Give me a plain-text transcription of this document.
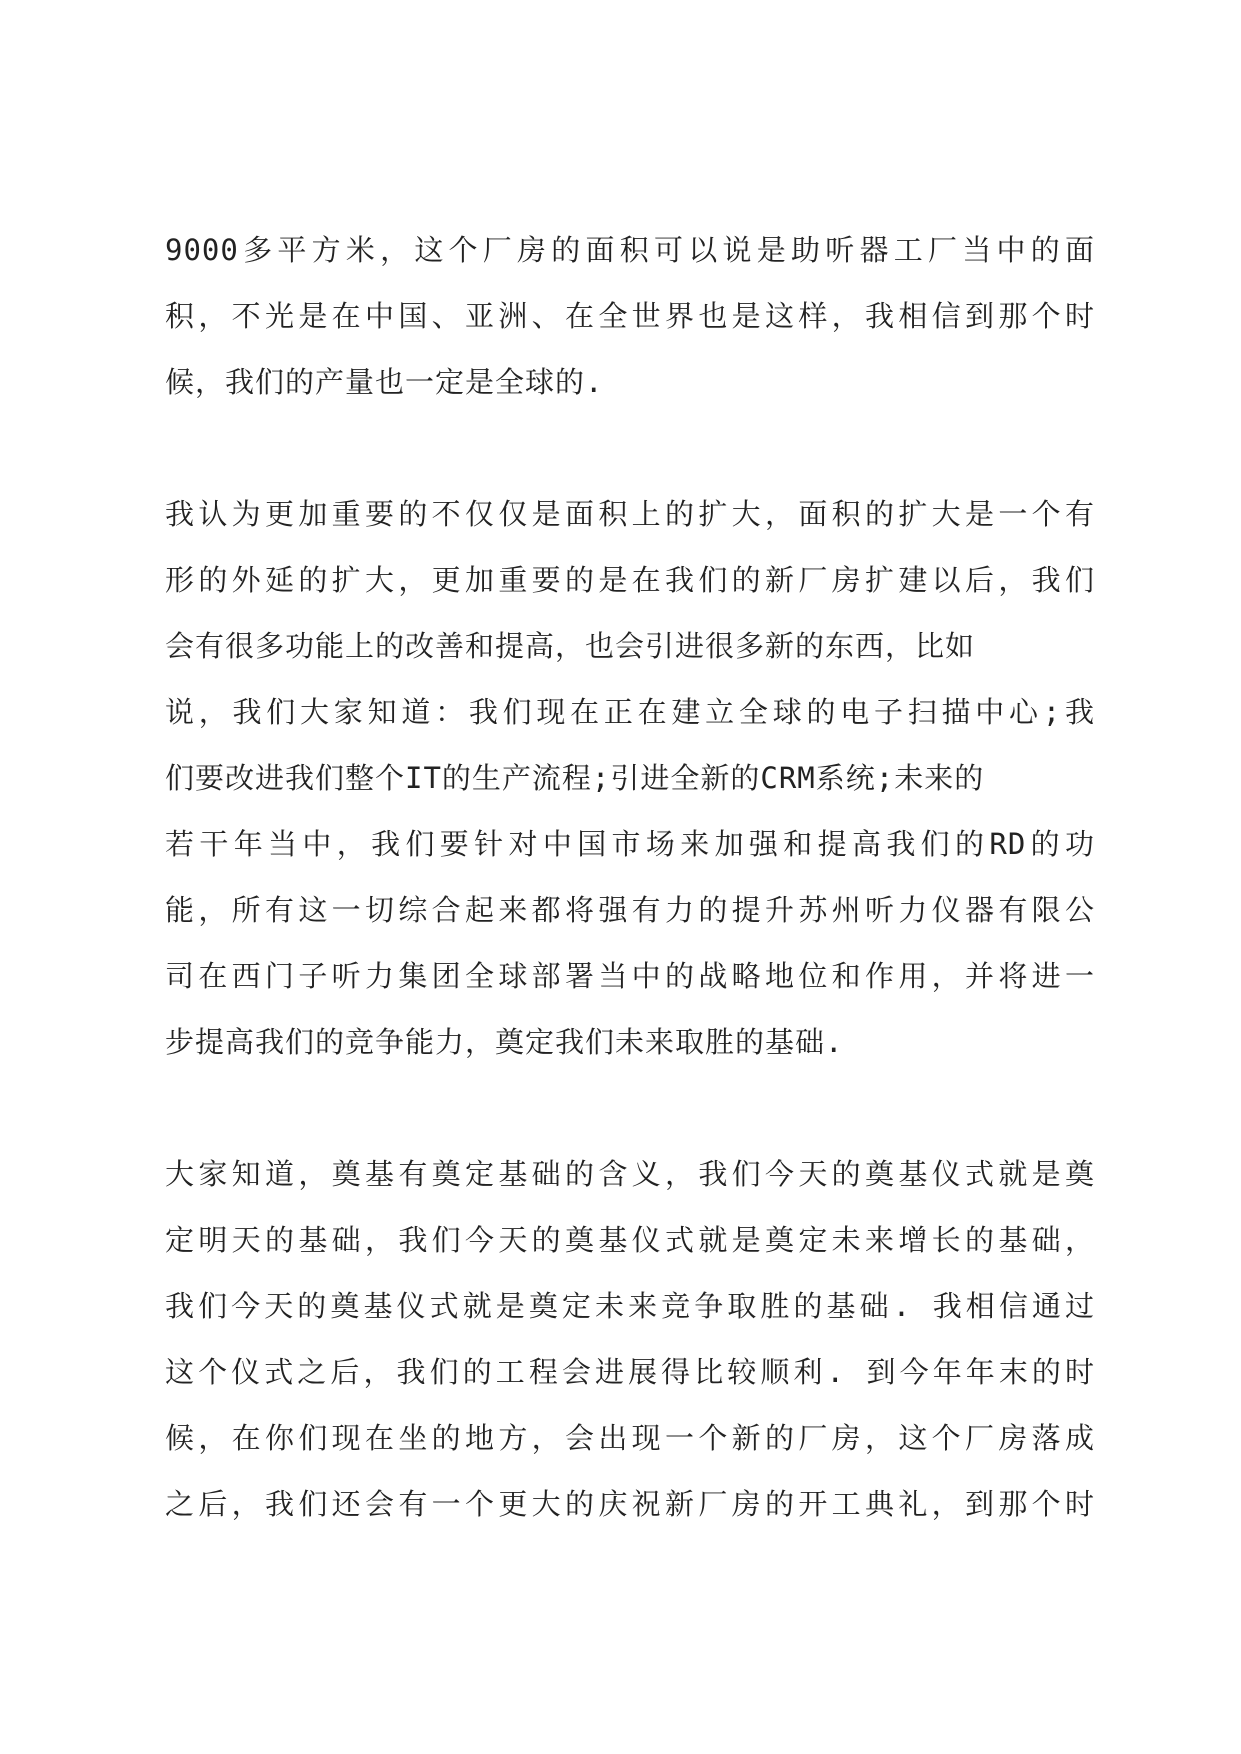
9000多平方米，这个厂房的面积可以说是助听器工厂当中的面
积，不光是在中国、亚洲、在全世界也是这样，我相信到那个时
候，我们的产量也一定是全球的.
我认为更加重要的不仅仅是面积上的扩大，面积的扩大是一个有
形的外延的扩大，更加重要的是在我们的新厂房扩建以后，我们
会有很多功能上的改善和提高，也会引进很多新的东西，比如
说，我们大家知道：我们现在正在建立全球的电子扫描中心;我
们要改进我们整个IT的生产流程;引进全新的CRM系统;未来的
若干年当中，我们要针对中国市场来加强和提高我们的RD的功
能，所有这一切综合起来都将强有力的提升苏州听力仪器有限公
司在西门子听力集团全球部署当中的战略地位和作用，并将进一
步提高我们的竞争能力，奠定我们未来取胜的基础.
大家知道，奠基有奠定基础的含义，我们今天的奠基仪式就是奠
定明天的基础，我们今天的奠基仪式就是奠定未来增长的基础，
我们今天的奠基仪式就是奠定未来竞争取胜的基础. 我相信通过
这个仪式之后，我们的工程会进展得比较顺利. 到今年年末的时
候，在你们现在坐的地方，会出现一个新的厂房，这个厂房落成
之后，我们还会有一个更大的庆祝新厂房的开工典礼，到那个时
